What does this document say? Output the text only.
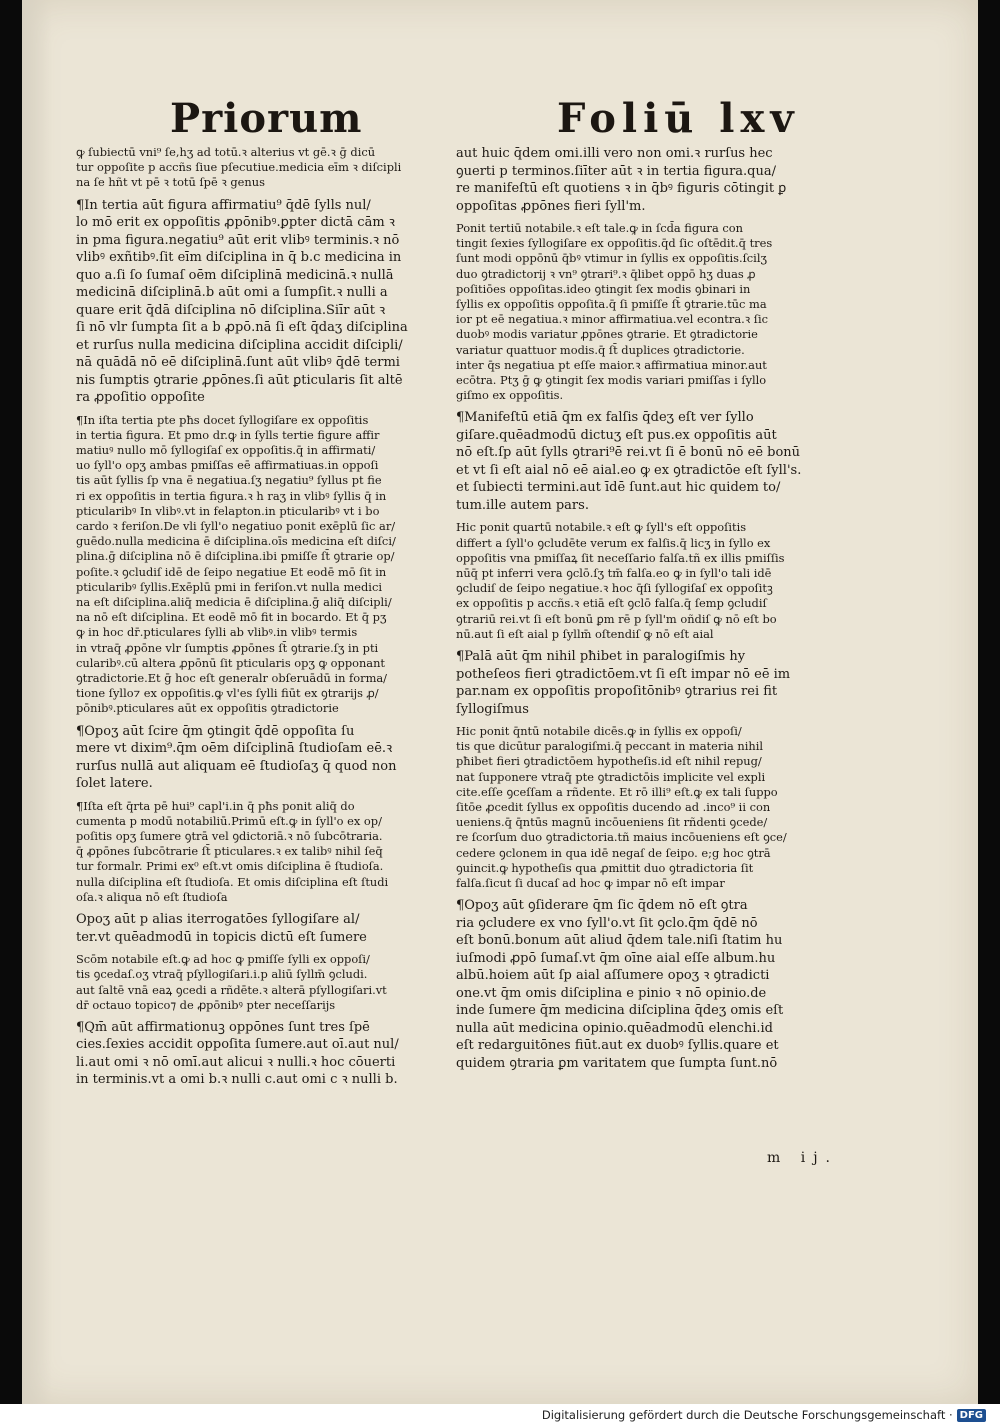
Priorum	Foliū lxv
ꝙ ſubiectū vni⁹ ſe,hʒ ad totū.ꝛ alterius vt gē.ꝛ ḡ dicū
tur oppoſite p accñs ſiue pſecutiue.medicia eīm ꝛ diſcipli
na ſe hñt vt pē ꝛ totū ſpē ꝛ genus
¶In tertia aūt figura affirmatiu⁹ q̄dē ſylls nul/
lo mō erit ex oppoſitis ꝓpōnibꝰ.ꝑpter dictā cām ꝛ
in pma figura.negatiu⁹ aūt erit vlibꝰ terminis.ꝛ nō
vlibꝰ exñtibꝰ.ſit eīm diſciplina in q̄ b.c medicina in
quo a.ſi ſo ſumaſ oēm diſciplinā medicinā.ꝛ nullā
medicinā diſciplinā.b aūt omi a ſumpſit.ꝛ nulli a
quare erit q̄dā diſciplina nō diſciplina.Siīr aūt ꝛ
ſi nō vlr ſumpta ſit a b ꝓpō.nā ſi eſt q̄daʒ diſciplina
et rurſus nulla medicina diſciplina accidit diſcipli/
nā quādā nō eē diſciplinā.ſunt aūt vlibꝰ q̄dē termi
nis ſumptis ꝯtrarie ꝓpōnes.ſi aūt ꝑticularis ſit altē
ra ꝓpoſitio oppoſite
¶In iſta tertia pte pħs docet ſyllogiſare ex oppoſitis
in tertia figura. Et pmo dr.ꝙ in ſylls tertie figure affir
matiuꝰ nullo mō ſyllogiſaſ ex oppoſitis.q̄ in affirmati/
uo ſyll'o opʒ ambas pmiſſas eē affirmatiuas.in oppoſi
tis aūt ſyllis ſp vna ē negatiua.ſʒ negatiu⁹ ſyllus pt fie
ri ex oppoſitis in tertia figura.ꝛ h raʒ in vlibꝰ ſyllis q̄ in
pticularibꝰ In vlibꝰ.vt in felapton.in pticularibꝰ vt i bo
cardo ꝛ feriſon.De vli ſyll'o negatiuo ponit exēplū ſic ar/
guēdo.nulla medicina ē diſciplina.oīs medicina eſt diſci/
plina.ḡ diſciplina nō ē diſciplina.ibi pmiſſe ſt̄ ꝯtrarie op/
poſite.ꝛ ꝯcludiſ idē de ſeipo negatiue Et eodē mō ſit in
pticularibꝰ ſyllis.Exēplū pmi in feriſon.vt nulla medici
na eſt diſciplina.aliq̄ medicia ē diſciplina.ḡ aliq̄ diſcipli/
na nō eſt diſciplina. Et eodē mō fit in bocardo. Et q̄ pʒ
ꝙ in hoc dr̄.pticulares ſylli ab vlibꝰ.in vlibꝰ termis
in vtraq̄ ꝓpōne vlr ſumptis ꝓpōnes ſt̄ ꝯtrarie.ſʒ in pti
cularibꝰ.cū altera ꝓpōnū ſit pticularis opʒ ꝙ opponant
ꝯtradictorie.Et ḡ hoc eſt generalr obſeruādū in forma/
tione ſyllo⁊ ex oppoſitis.ꝙ vl'es ſylli fiūt ex ꝯtrarijs ꝓ/
pōnibꝰ.pticulares aūt ex oppoſitis ꝯtradictorie
¶Opoʒ aūt ſcire q̄m ꝯtingit q̄dē oppoſita ſu
mere vt dixim⁹.q̄m oēm diſciplinā ſtudioſam eē.ꝛ
rurſus nullā aut aliquam eē ſtudioſaʒ q̄ quod non
ſolet latere.
¶Iſta eſt q̄rta pē hui⁹ capl'i.in q̄ pħs ponit aliq̄ do
cumenta p modū notabiliū.Primū eſt.ꝙ in ſyll'o ex op/
poſitis opʒ ſumere ꝯtrā vel ꝯdictoriā.ꝛ nō ſubcōtraria.
q̄ ꝓpōnes ſubcōtrarie ſt̄ pticulares.ꝛ ex talibꝰ nihil ſeq̄
tur formalr. Primi ex⁰ eſt.vt omis diſciplina ē ſtudioſa.
nulla diſciplina eſt ſtudioſa. Et omis diſciplina eſt ſtudi
oſa.ꝛ aliqua nō eſt ſtudioſa
Opoʒ aūt p alias iterrogatōes ſyllogiſare al/
ter.vt quēadmodū in topicis dictū eſt ſumere
Scōm notabile eſt.ꝙ ad hoc ꝙ pmiſſe ſylli ex oppoſi/
tis ꝯcedaſ.oʒ vtraq̄ pſyllogiſari.i.p aliū ſyllm̄ ꝯcludi.
aut ſaltē vnā eaꝝ ꝯcedi a rñdēte.ꝛ alterā pſyllogiſari.vt
dr̄ octauo topico⁊ de ꝓpōnibꝰ pter neceſſarijs
¶Qm̄ aūt affirmationuꝫ oppōnes ſunt tres ſpē
cies.ſexies accidit oppoſita ſumere.aut oī.aut nul/
li.aut omi ꝛ nō omī.aut alicui ꝛ nulli.ꝛ hoc cōuerti
in terminis.vt a omi b.ꝛ nulli c.aut omi c ꝛ nulli b.
aut huic q̄dem omi.illi vero non omi.ꝛ rurſus hec
ꝯuerti p terminos.ſiīter aūt ꝛ in tertia figura.qua/
re manifeſtū eſt quotiens ꝛ in q̄bꝰ figuris cōtingit ꝑ
oppoſitas ꝓpōnes fieri ſyll'm.
Ponit tertiū notabile.ꝛ eſt tale.ꝙ in ſcd̄a figura con
tingit ſexies ſyllogiſare ex oppoſitis.q̄d ſic oſtēdit.q̄ tres
ſunt modi oppōnū q̄bꝰ vtimur in ſyllis ex oppoſitis.ſcilʒ
duo ꝯtradictorij ꝛ vn⁹ ꝯtrari⁹.ꝛ q̄libet oppō hʒ duas ꝓ
poſitiōes oppoſitas.ideo ꝯtingit ſex modis ꝯbinari in
ſyllis ex oppoſitis oppoſita.q̄ ſi pmiſſe ſt̄ ꝯtrarie.tūc ma
ior pt eē negatiua.ꝛ minor affirmatiua.vel econtra.ꝛ ſic
duobꝰ modis variatur ꝓpōnes ꝯtrarie. Et ꝯtradictorie
variatur quattuor modis.q̄ ſt̄ duplices ꝯtradictorie.
inter q̄s negatiua pt eſſe maior.ꝛ affirmatiua minor.aut
ecōtra. Ptʒ ḡ ꝙ ꝯtingit ſex modis variari pmiſſas i ſyllo
giſmo ex oppoſitis.
¶Manifeſtū etiā q̄m ex falſis q̄deʒ eſt ver ſyllo
giſare.quēadmodū dictuʒ eſt pus.ex oppoſitis aūt
nō eſt.ſp aūt ſylls ꝯtrari⁹ē rei.vt ſi ē bonū nō eē bonū
et vt ſi eſt aial nō eē aial.eo ꝙ ex ꝯtradictōe eſt ſyll's.
et ſubiecti termini.aut īdē ſunt.aut hic quidem to/
tum.ille autem pars.
Hic ponit quartū notabile.ꝛ eſt ꝙ ſyll's eſt oppoſitis
differt a ſyll'o ꝯcludēte verum ex falſis.q̄ licʒ in ſyllo ex
oppoſitis vna pmiſſaꝝ ſit neceſſario falſa.tñ ex illis pmiſſis
nūq̄ pt inferri vera ꝯclō.ſʒ tm̄ falſa.eo ꝙ in ſyll'o tali idē
ꝯcludiſ de ſeipo negatiue.ꝛ hoc q̄ſi ſyllogiſaſ ex oppoſitꝫ
ex oppoſitis p accñs.ꝛ etiā eſt ꝯclō falſa.q̄ ſemp ꝯcludiſ
ꝯtrariū rei.vt ſi eſt bonū ꝑm rē p ſyll'm oñdiſ ꝙ nō eſt bo
nū.aut ſi eſt aial p ſyllm̄ oſtendiſ ꝙ nō eſt aial
¶Palā aūt q̄m nihil pħibet in paralogiſmis hy
potheſeos fieri ꝯtradictōem.vt ſi eſt impar nō eē im
par.nam ex oppoſitis propoſitōnibꝰ ꝯtrarius rei fit
ſyllogiſmus
Hic ponit q̄ntū notabile dicēs.ꝙ in ſyllis ex oppoſi/
tis que dicūtur paralogiſmi.q̄ peccant in materia nihil
pħibet fieri ꝯtradictōem hypotheſis.id eſt nihil repug/
nat ſupponere vtraq̄ pte ꝯtradictōis implicite vel expli
cite.eſſe ꝯceſſam a rñdente. Et rō illi⁹ eſt.ꝙ ex tali ſuppo
ſitōe ꝓcedit ſyllus ex oppoſitis ducendo ad .inco⁹ ii con
ueniens.q̄ q̄ntūs magnū incōueniens ſit rñdenti ꝯcede/
re ſcorſum duo ꝯtradictoria.tñ maius incōueniens eſt ꝯce/
cedere ꝯclonem in qua idē negaſ de ſeipo. e;g hoc ꝯtrā
ꝯuincit.ꝙ hypotheſis qua ꝓmittit duo ꝯtradictoria ſit
falſa.ſicut ſi ducaſ ad hoc ꝙ impar nō eſt impar
¶Opoʒ aūt ꝯſiderare q̄m ſic q̄dem nō eſt ꝯtra
ria ꝯcludere ex vno ſyll'o.vt ſit ꝯclo.q̄m q̄dē nō
eſt bonū.bonum aūt aliud q̄dem tale.niſi ſtatim hu
iuſmodi ꝓpō ſumaſ.vt q̄m oīne aial eſſe album.hu
albū.hoiem aūt ſp aial aſſumere opoʒ ꝛ ꝯtradicti
one.vt q̄m omis diſciplina e pinio ꝛ nō opinio.de
inde ſumere q̄m medicina diſciplina q̄deʒ omis eſt
nulla aūt medicina opinio.quēadmodū elenchi.id
eſt redarguitōnes fiūt.aut ex duobꝰ ſyllis.quare et
quidem ꝯtraria ꝑm varitatem que ſumpta ſunt.nō
m ij.
Digitalisierung gefördert durch die Deutsche Forschungsgemeinschaft · DFG
